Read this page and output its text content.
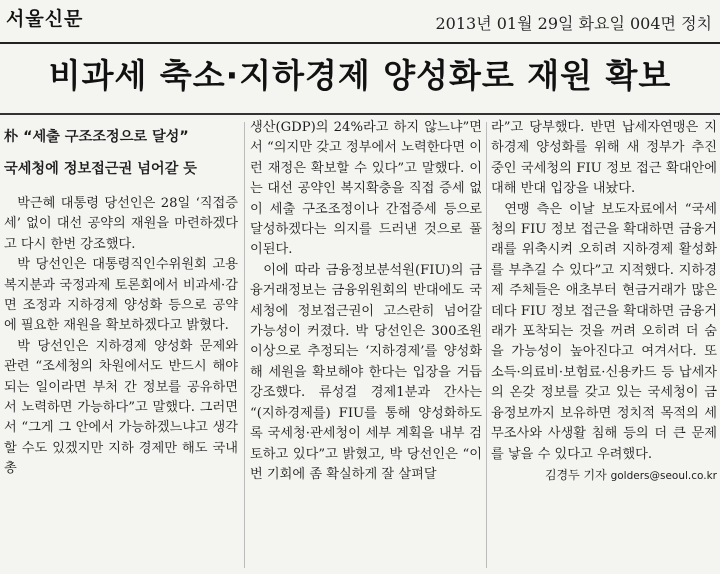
서울신문	2013년 01월 29일 화요일 004면 정치
비과세 축소·지하경제 양성화로 재원 확보
朴 “세출 구조조정으로 달성”
국세청에 정보접근권 넘어갈 듯

박근혜 대통령 당선인은 28일 ‘직접증세’ 없이 대선 공약의 재원을 마련하겠다고 다시 한번 강조했다.

박 당선인은 대통령직인수위원회 고용복지분과 국정과제 토론회에서 비과세·감면 조정과 지하경제 양성화 등으로 공약에 필요한 재원을 확보하겠다고 밝혔다.

박 당선인은 지하경제 양성화 문제와 관련 “조세청의 차원에서도 반드시 해야 되는 일이라면 부처 간 정보를 공유하면서 노력하면 가능하다”고 말했다. 그러면서 “그게 그 안에서 가능하겠느냐고 생각할 수도 있겠지만 지하 경제만 해도 국내총

생산(GDP)의 24%라고 하지 않느냐”면서 “의지만 갖고 정부에서 노력한다면 이런 재정은 확보할 수 있다”고 말했다. 이는 대선 공약인 복지확충을 직접 증세 없이 세출 구조조정이나 간접증세 등으로 달성하겠다는 의지를 드러낸 것으로 풀이된다.

이에 따라 금융정보분석원(FIU)의 금융거래정보는 금융위원회의 반대에도 국세청에 정보접근권이 고스란히 넘어갈 가능성이 커졌다. 박 당선인은 300조원 이상으로 추정되는 ‘지하경제’를 양성화해 세원을 확보해야 한다는 입장을 거듭 강조했다. 류성걸 경제1분과 간사는 “(지하경제를) FIU를 통해 양성화하도록 국세청·관세청이 세부 계획을 내부 검토하고 있다”고 밝혔고, 박 당선인은 “이번 기회에 좀 확실하게 잘 살펴달

라”고 당부했다. 반면 납세자연맹은 지하경제 양성화를 위해 새 정부가 추진 중인 국세청의 FIU 정보 접근 확대안에 대해 반대 입장을 내놨다.

연맹 측은 이날 보도자료에서 “국세청의 FIU 정보 접근을 확대하면 금융거래를 위축시켜 오히려 지하경제 활성화를 부추길 수 있다”고 지적했다. 지하경제 주체들은 애초부터 현금거래가 많은 데다 FIU 정보 접근을 확대하면 금융거래가 포착되는 것을 꺼려 오히려 더 숨을 가능성이 높아진다고 여겨서다. 또 소득·의료비·보험료·신용카드 등 납세자의 온갖 정보를 갖고 있는 국세청이 금융정보까지 보유하면 정치적 목적의 세무조사와 사생활 침해 등의 더 큰 문제를 낳을 수 있다고 우려했다.

김경두 기자 golders@seoul.co.kr
